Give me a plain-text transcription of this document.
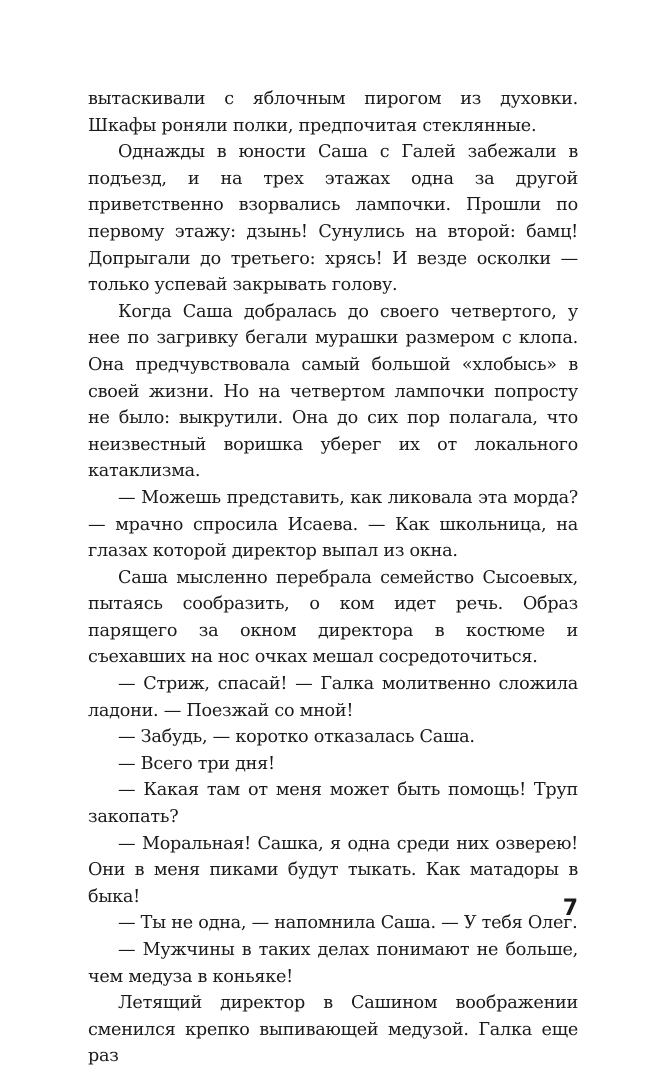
вытаскивали с яблочным пирогом из духовки. Шкафы роняли полки, предпочитая стеклянные.

Однажды в юности Саша с Галей забежали в подъезд, и на трех этажах одна за другой приветственно взорвались лампочки. Прошли по первому этажу: дзынь! Сунулись на второй: бамц! Допрыгали до третьего: хрясь! И везде осколки — только успевай закрывать голову.

Когда Саша добралась до своего четвертого, у нее по загривку бегали мурашки размером с клопа. Она предчувствовала самый большой «хлобысь» в своей жизни. Но на четвертом лампочки попросту не было: выкрутили. Она до сих пор полагала, что неизвестный воришка уберег их от локального катаклизма.

— Можешь представить, как ликовала эта морда? — мрачно спросила Исаева. — Как школьница, на глазах которой директор выпал из окна.

Саша мысленно перебрала семейство Сысоевых, пытаясь сообразить, о ком идет речь. Образ парящего за окном директора в костюме и съехавших на нос очках мешал сосредоточиться.

— Стриж, спасай! — Галка молитвенно сложила ладони. — Поезжай со мной!

— Забудь, — коротко отказалась Саша.

— Всего три дня!

— Какая там от меня может быть помощь! Труп закопать?

— Моральная! Сашка, я одна среди них озверею! Они в меня пиками будут тыкать. Как матадоры в быка!

— Ты не одна, — напомнила Саша. — У тебя Олег.

— Мужчины в таких делах понимают не больше, чем медуза в коньяке!

Летящий директор в Сашином воображении сменился крепко выпивающей медузой. Галка еще раз

7
